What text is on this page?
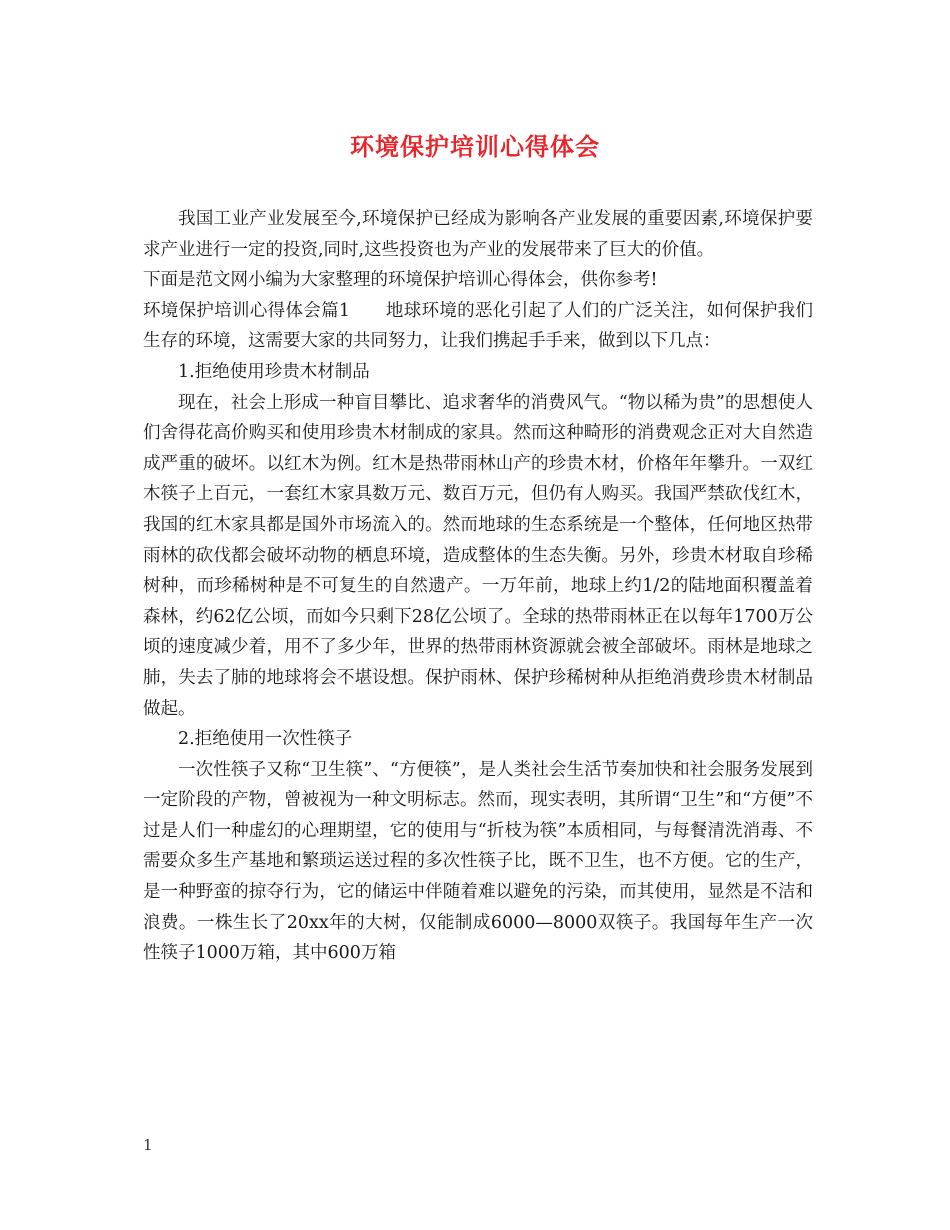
环境保护培训心得体会

我国工业产业发展至今,环境保护已经成为影响各产业发展的重要因素,环境保护要求产业进行一定的投资,同时,这些投资也为产业的发展带来了巨大的价值。

下面是范文网小编为大家整理的环境保护培训心得体会，供你参考!

环境保护培训心得体会篇1　　地球环境的恶化引起了人们的广泛关注，如何保护我们生存的环境，这需要大家的共同努力，让我们携起手手来，做到以下几点：

1.拒绝使用珍贵木材制品

现在，社会上形成一种盲目攀比、追求奢华的消费风气。“物以稀为贵”的思想使人们舍得花高价购买和使用珍贵木材制成的家具。然而这种畸形的消费观念正对大自然造成严重的破坏。以红木为例。红木是热带雨林山产的珍贵木材，价格年年攀升。一双红木筷子上百元，一套红木家具数万元、数百万元，但仍有人购买。我国严禁砍伐红木，我国的红木家具都是国外市场流入的。然而地球的生态系统是一个整体，任何地区热带雨林的砍伐都会破坏动物的栖息环境，造成整体的生态失衡。另外，珍贵木材取自珍稀树种，而珍稀树种是不可复生的自然遗产。一万年前，地球上约1/2的陆地面积覆盖着森林，约62亿公顷，而如今只剩下28亿公顷了。全球的热带雨林正在以每年1700万公顷的速度减少着，用不了多少年，世界的热带雨林资源就会被全部破坏。雨林是地球之肺，失去了肺的地球将会不堪设想。保护雨林、保护珍稀树种从拒绝消费珍贵木材制品做起。

2.拒绝使用一次性筷子

一次性筷子又称“卫生筷”、“方便筷”，是人类社会生活节奏加快和社会服务发展到一定阶段的产物，曾被视为一种文明标志。然而，现实表明，其所谓“卫生”和“方便”不过是人们一种虚幻的心理期望，它的使用与“折枝为筷”本质相同，与每餐清洗消毒、不需要众多生产基地和繁琐运送过程的多次性筷子比，既不卫生，也不方便。它的生产，是一种野蛮的掠夺行为，它的储运中伴随着难以避免的污染，而其使用，显然是不洁和浪费。一株生长了20xx年的大树，仅能制成6000—8000双筷子。我国每年生产一次性筷子1000万箱，其中600万箱

1
